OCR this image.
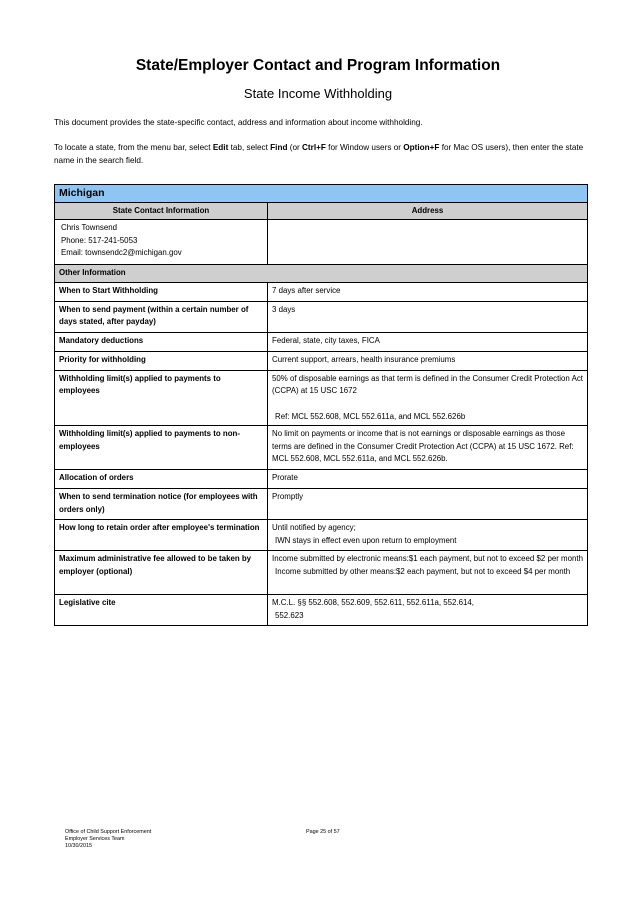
State/Employer Contact and Program Information
State Income Withholding
This document provides the state-specific contact, address and information about income withholding.
To locate a state, from the menu bar, select Edit tab, select Find (or Ctrl+F for Window users or Option+F for Mac OS users), then enter the state name in the search field.
Michigan	
State Contact Information	Address

Chris Townsend
Phone: 517-241-5053
Email: townsendc2@michigan.gov	

Other Information	
When to Start Withholding	7 days after service

When to send payment (within a certain number of days stated, after payday)	3 days

Mandatory deductions	Federal, state, city taxes, FICA

Priority for withholding	Current support, arrears, health insurance premiums

Withholding limit(s) applied to payments to employees	50% of disposable earnings as that term is defined in the Consumer Credit Protection Act (CCPA) at 15 USC 1672

Ref: MCL 552.608, MCL 552.611a, and MCL 552.626b

Withholding limit(s) applied to payments to non-employees	No limit on payments or income that is not earnings or disposable earnings as those terms are defined in the Consumer Credit Protection Act (CCPA) at 15 USC 1672. Ref: MCL 552.608, MCL 552.611a, and MCL 552.626b.

Allocation of orders	Prorate

When to send termination notice (for employees with orders only)	Promptly

How long to retain order after employee's termination	Until notified by agency;
IWN stays in effect even upon return to employment

Maximum administrative fee allowed to be taken by employer (optional)	Income submitted by electronic means:$1 each payment, but not to exceed $2 per month
Income submitted by other means:$2 each payment, but not to exceed $4 per month

Legislative cite	M.C.L. §§ 552.608, 552.609, 552.611, 552.611a, 552.614,
552.623
Office of Child Support Enforcement
Employer Services Team
10/30/2015
Page 25 of 57
